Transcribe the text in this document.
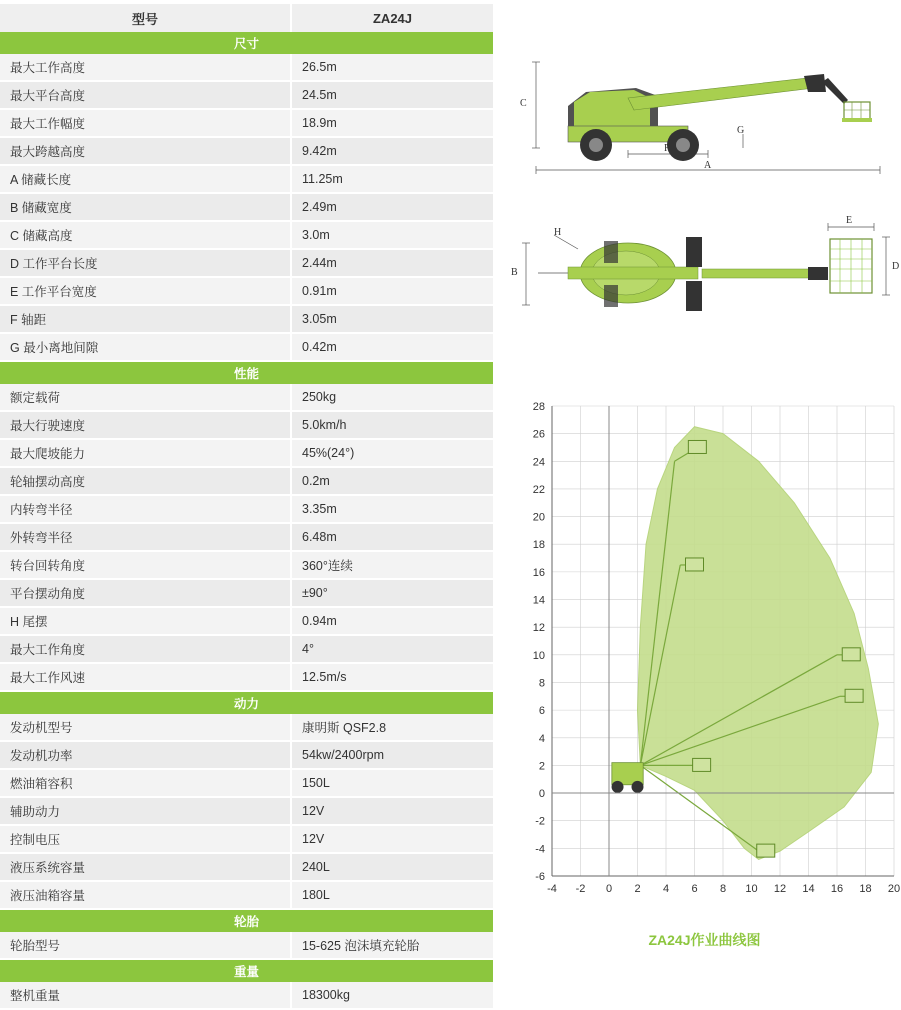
型号	ZA24J
尺寸	
最大工作高度	26.5m
最大平台高度	24.5m
最大工作幅度	18.9m
最大跨越高度	9.42m
A 储藏长度	11.25m
B 储藏宽度	2.49m
C 储藏高度	3.0m
D 工作平台长度	2.44m
E 工作平台宽度	0.91m
F 轴距	3.05m
G 最小离地间隙	0.42m
性能	
额定载荷	250kg
最大行驶速度	5.0km/h
最大爬坡能力	45%(24°)
轮轴摆动高度	0.2m
内转弯半径	3.35m
外转弯半径	6.48m
转台回转角度	360°连续
平台摆动角度	±90°
H 尾摆	0.94m
最大工作角度	4°
最大工作风速	12.5m/s
动力	
发动机型号	康明斯 QSF2.8
发动机功率	54kw/2400rpm
燃油箱容积	150L
辅助动力	12V
控制电压	12V
液压系统容量	240L
液压油箱容量	180L
轮胎	
轮胎型号	15-625 泡沫填充轮胎
重量	
整机重量	18300kg
C
G
F
A
H
B
E
D
-6
-4
-2
0
2
4
6
8
10
12
14
16
18
20
22
24
26
28
-4 -2 0 2 4 6 8 10 12 14 16 18 20
ZA24J作业曲线图
